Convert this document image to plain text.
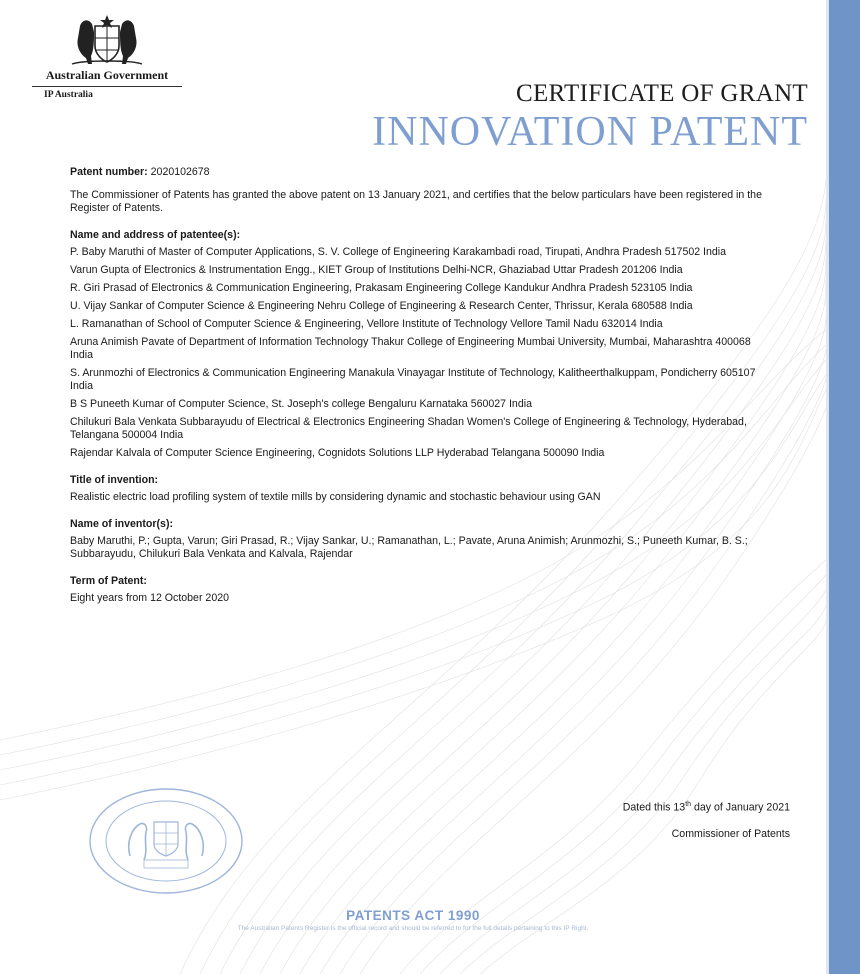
Australian Government
IP Australia	CERTIFICATE OF GRANT
INNOVATION PATENT

Patent number: 2020102678

The Commissioner of Patents has granted the above patent on 13 January 2021, and certifies that the below particulars have been registered in the Register of Patents.

Name and address of patentee(s):

P. Baby Maruthi of Master of Computer Applications, S. V. College of Engineering Karakambadi road, Tirupati, Andhra Pradesh 517502 India

Varun Gupta of Electronics & Instrumentation Engg., KIET Group of Institutions Delhi-NCR, Ghaziabad Uttar Pradesh 201206 India

R. Giri Prasad of Electronics & Communication Engineering, Prakasam Engineering College Kandukur Andhra Pradesh 523105 India

U. Vijay Sankar of Computer Science & Engineering Nehru College of Engineering & Research Center, Thrissur, Kerala 680588 India

L. Ramanathan of School of Computer Science & Engineering, Vellore Institute of Technology Vellore Tamil Nadu 632014 India

Aruna Animish Pavate of Department of Information Technology Thakur College of Engineering Mumbai University, Mumbai, Maharashtra 400068 India

S. Arunmozhi of Electronics & Communication Engineering Manakula Vinayagar Institute of Technology, Kalitheerthalkuppam, Pondicherry 605107 India

B S Puneeth Kumar of Computer Science, St. Joseph's college Bengaluru Karnataka 560027 India

Chilukuri Bala Venkata Subbarayudu of Electrical & Electronics Engineering Shadan Women's College of Engineering & Technology, Hyderabad, Telangana 500004 India

Rajendar Kalvala of Computer Science Engineering, Cognidots Solutions LLP Hyderabad Telangana 500090 India

Title of invention:

Realistic electric load profiling system of textile mills by considering dynamic and stochastic behaviour using GAN

Name of inventor(s):

Baby Maruthi, P.; Gupta, Varun; Giri Prasad, R.; Vijay Sankar, U.; Ramanathan, L.; Pavate, Aruna Animish; Arunmozhi, S.; Puneeth Kumar, B. S.; Subbarayudu, Chilukuri Bala Venkata and Kalvala, Rajendar

Term of Patent:

Eight years from 12 October 2020

Dated this 13th day of January 2021
Commissioner of Patents
PATENTS ACT 1990
The Australian Patents Register is the official record and should be referred to for the full details pertaining to this IP Right.
